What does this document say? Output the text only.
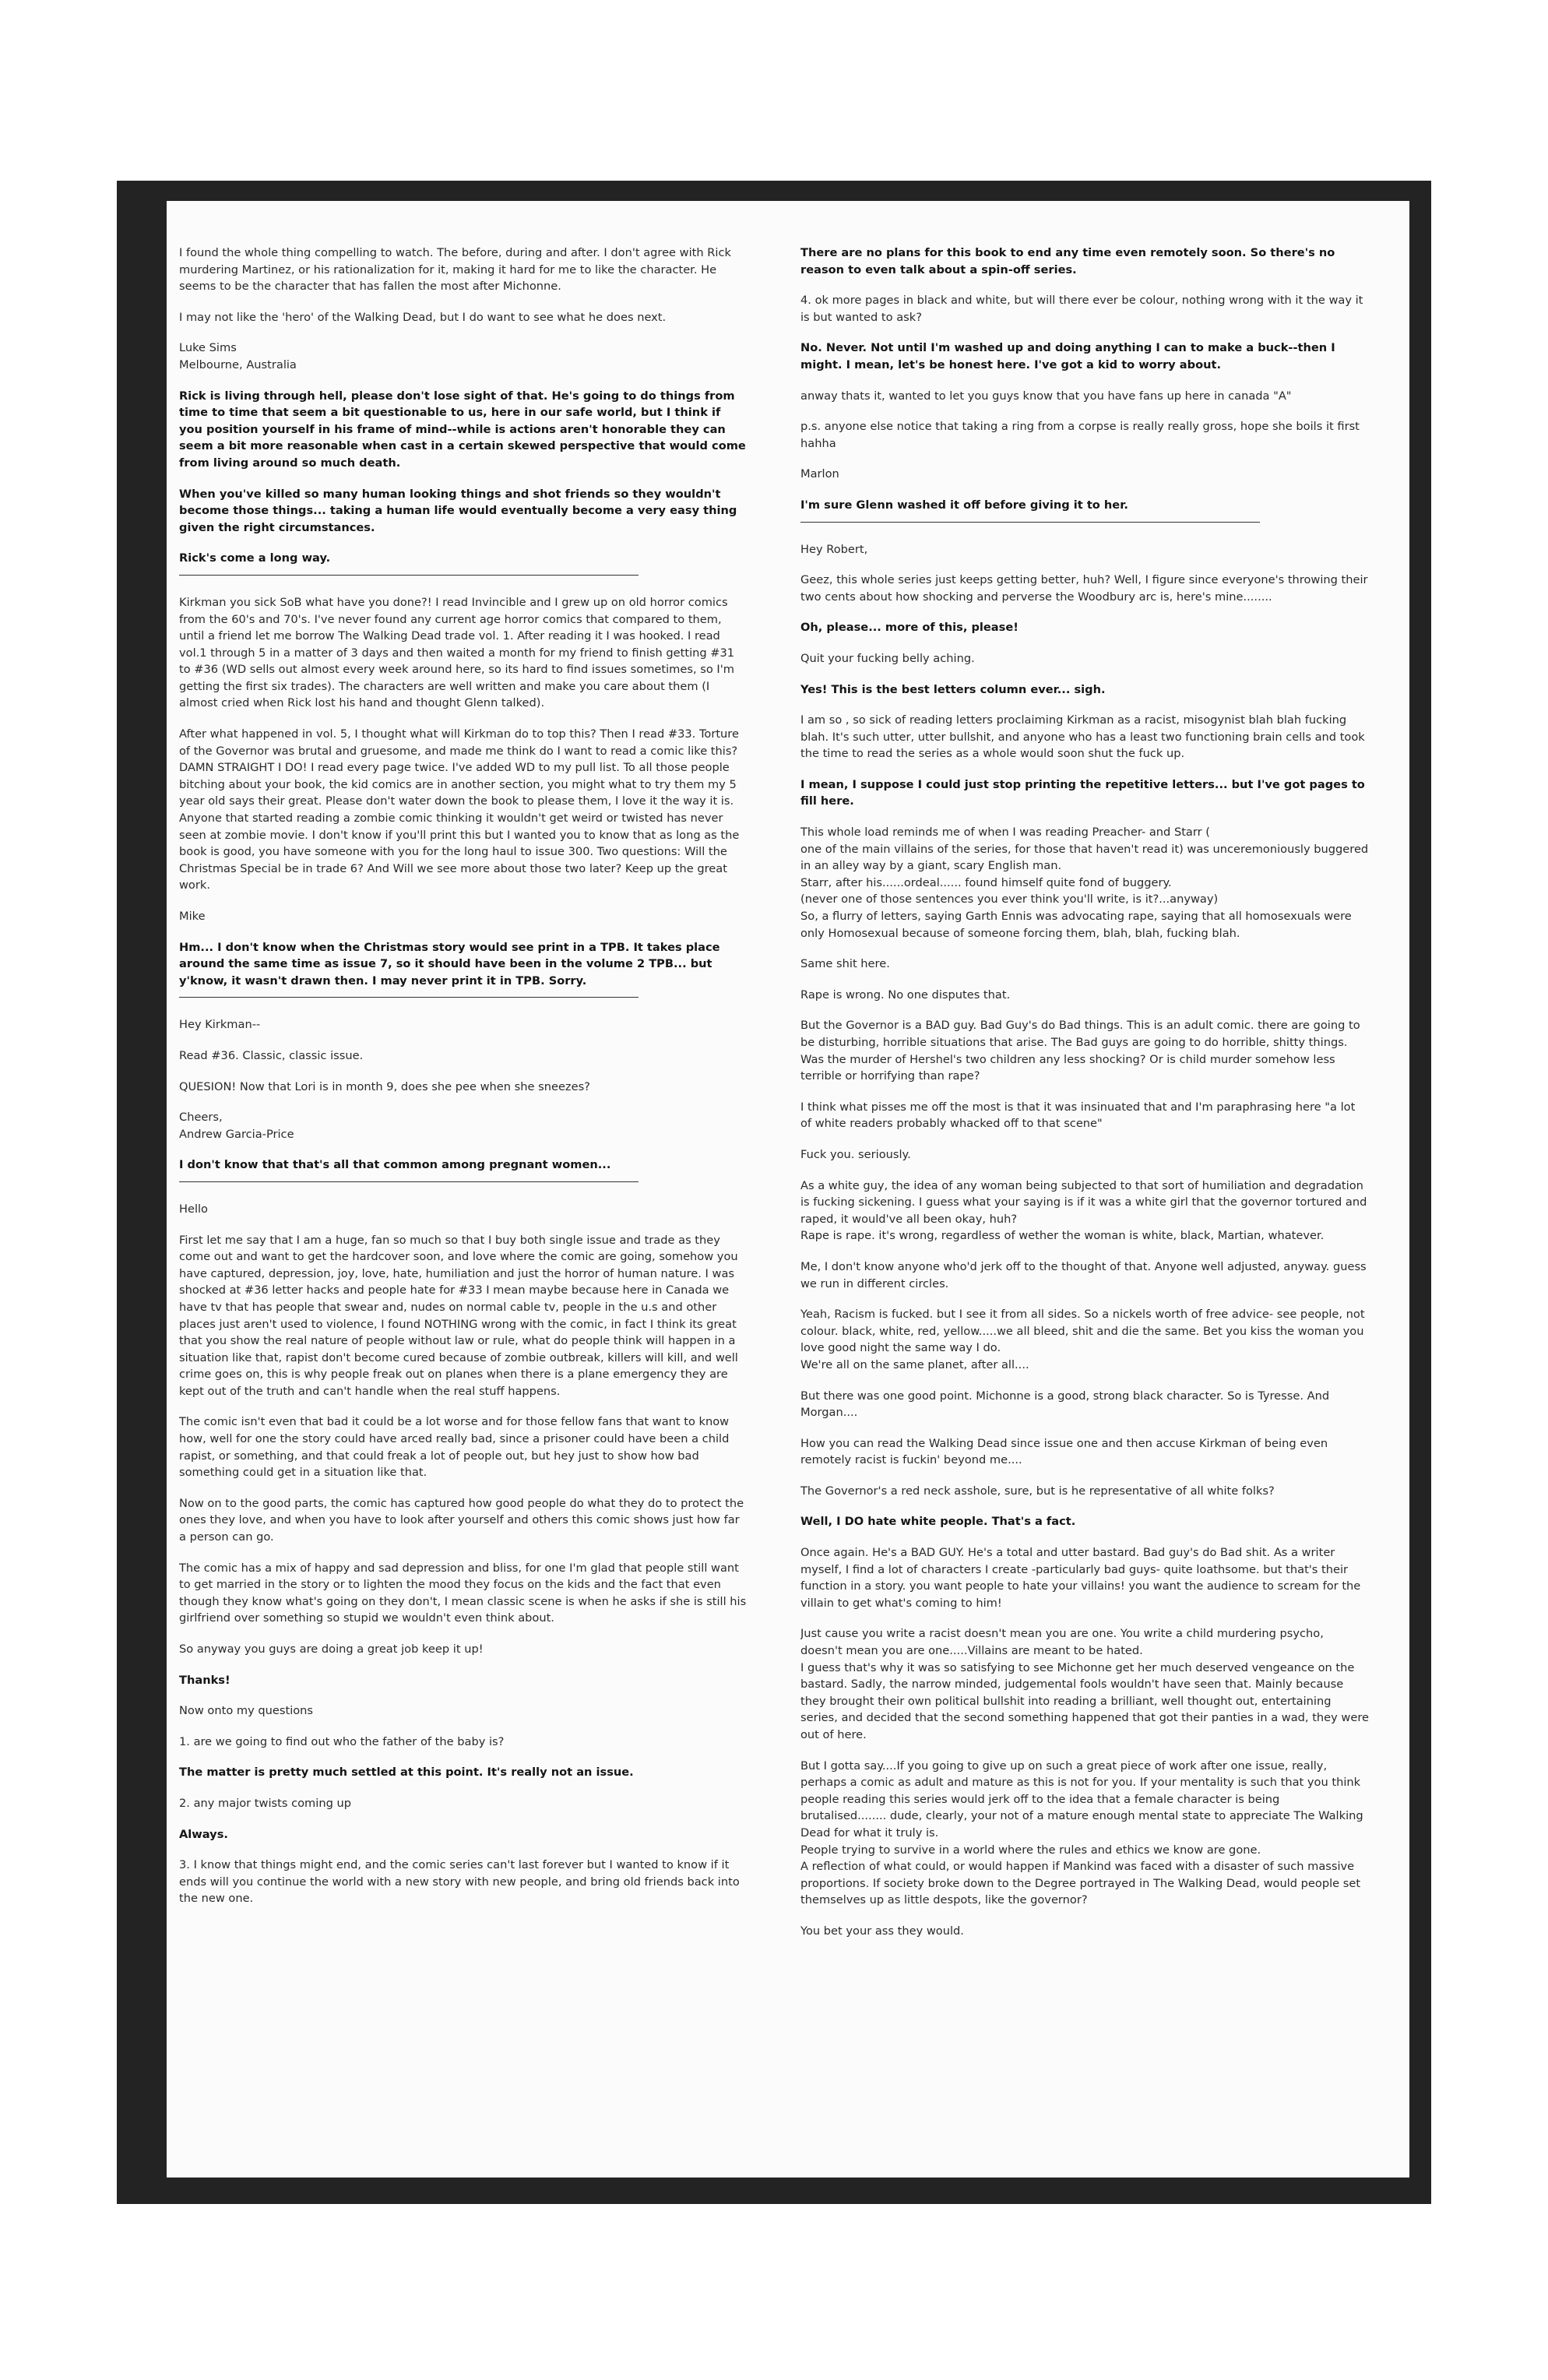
I found the whole thing compelling to watch. The before, during and after. I don't agree with Rick murdering Martinez, or his rationalization for it, making it hard for me to like the character. He seems to be the character that has fallen the most after Michonne.

I may not like the 'hero' of the Walking Dead, but I do want to see what he does next.

Luke Sims
Melbourne, Australia

Rick is living through hell, please don't lose sight of that. He's going to do things from time to time that seem a bit questionable to us, here in our safe world, but I think if you position yourself in his frame of mind--while is actions aren't honorable they can seem a bit more reasonable when cast in a certain skewed perspective that would come from living around so much death.

When you've killed so many human looking things and shot friends so they wouldn't become those things... taking a human life would eventually become a very easy thing given the right circumstances.

Rick's come a long way.

Kirkman you sick SoB what have you done?! I read Invincible and I grew up on old horror comics from the 60's and 70's. I've never found any current age horror comics that compared to them, until a friend let me borrow The Walking Dead trade vol. 1. After reading it I was hooked. I read vol.1 through 5 in a matter of 3 days and then waited a month for my friend to finish getting #31 to #36 (WD sells out almost every week around here, so its hard to find issues sometimes, so I'm getting the first six trades). The characters are well written and make you care about them (I almost cried when Rick lost his hand and thought Glenn talked).

After what happened in vol. 5, I thought what will Kirkman do to top this? Then I read #33. Torture of the Governor was brutal and gruesome, and made me think do I want to read a comic like this? DAMN STRAIGHT I DO! I read every page twice. I've added WD to my pull list. To all those people bitching about your book, the kid comics are in another section, you might what to try them my 5 year old says their great. Please don't water down the book to please them, I love it the way it is. Anyone that started reading a zombie comic thinking it wouldn't get weird or twisted has never seen at zombie movie. I don't know if you'll print this but I wanted you to know that as long as the book is good, you have someone with you for the long haul to issue 300. Two questions: Will the Christmas Special be in trade 6? And Will we see more about those two later? Keep up the great work.

Mike

Hm... I don't know when the Christmas story would see print in a TPB. It takes place around the same time as issue 7, so it should have been in the volume 2 TPB... but y'know, it wasn't drawn then. I may never print it in TPB. Sorry.

Hey Kirkman--

Read #36. Classic, classic issue.

QUESION! Now that Lori is in month 9, does she pee when she sneezes?

Cheers,
Andrew Garcia-Price

I don't know that that's all that common among pregnant women...

Hello

First let me say that I am a huge, fan so much so that I buy both single issue and trade as they come out and want to get the hardcover soon, and love where the comic are going, somehow you have captured, depression, joy, love, hate, humiliation and just the horror of human nature. I was shocked at #36 letter hacks and people hate for #33 I mean maybe because here in Canada we have tv that has people that swear and, nudes on normal cable tv, people in the u.s and other places just aren't used to violence, I found NOTHING wrong with the comic, in fact I think its great that you show the real nature of people without law or rule, what do people think will happen in a situation like that, rapist don't become cured because of zombie outbreak, killers will kill, and well crime goes on, this is why people freak out on planes when there is a plane emergency they are kept out of the truth and can't handle when the real stuff happens.

The comic isn't even that bad it could be a lot worse and for those fellow fans that want to know how, well for one the story could have arced really bad, since a prisoner could have been a child rapist, or something, and that could freak a lot of people out, but hey just to show how bad something could get in a situation like that.

Now on to the good parts, the comic has captured how good people do what they do to protect the ones they love, and when you have to look after yourself and others this comic shows just how far a person can go.

The comic has a mix of happy and sad depression and bliss, for one I'm glad that people still want to get married in the story or to lighten the mood they focus on the kids and the fact that even though they know what's going on they don't, I mean classic scene is when he asks if she is still his girlfriend over something so stupid we wouldn't even think about.

So anyway you guys are doing a great job keep it up!

Thanks!

Now onto my questions

1. are we going to find out who the father of the baby is?

The matter is pretty much settled at this point. It's really not an issue.

2. any major twists coming up

Always.

3. I know that things might end, and the comic series can't last forever but I wanted to know if it ends will you continue the world with a new story with new people, and bring old friends back into the new one.

There are no plans for this book to end any time even remotely soon. So there's no reason to even talk about a spin-off series.

4. ok more pages in black and white, but will there ever be colour, nothing wrong with it the way it is but wanted to ask?

No. Never. Not until I'm washed up and doing anything I can to make a buck--then I might. I mean, let's be honest here. I've got a kid to worry about.

anway thats it, wanted to let you guys know that you have fans up here in canada "A"

p.s. anyone else notice that taking a ring from a corpse is really really gross, hope she boils it first hahha

Marlon

I'm sure Glenn washed it off before giving it to her.

Hey Robert,

Geez, this whole series just keeps getting better, huh? Well, I figure since everyone's throwing their two cents about how shocking and perverse the Woodbury arc is, here's mine........

Oh, please... more of this, please!

Quit your fucking belly aching.

Yes! This is the best letters column ever... sigh.

I am so , so sick of reading letters proclaiming Kirkman as a racist, misogynist blah blah fucking blah. It's such utter, utter bullshit, and anyone who has a least two functioning brain cells and took the time to read the series as a whole would soon shut the fuck up.

I mean, I suppose I could just stop printing the repetitive letters... but I've got pages to fill here.

This whole load reminds me of when I was reading Preacher- and Starr (
one of the main villains of the series, for those that haven't read it) was unceremoniously buggered in an alley way by a giant, scary English man.
Starr, after his......ordeal...... found himself quite fond of buggery.
(never one of those sentences you ever think you'll write, is it?...anyway)
So, a flurry of letters, saying Garth Ennis was advocating rape, saying that all homosexuals were only Homosexual because of someone forcing them, blah, blah, fucking blah.

Same shit here.

Rape is wrong. No one disputes that.

But the Governor is a BAD guy. Bad Guy's do Bad things. This is an adult comic. there are going to be disturbing, horrible situations that arise. The Bad guys are going to do horrible, shitty things. Was the murder of Hershel's two children any less shocking? Or is child murder somehow less terrible or horrifying than rape?

I think what pisses me off the most is that it was insinuated that and I'm paraphrasing here "a lot of white readers probably whacked off to that scene"

Fuck you. seriously.

As a white guy, the idea of any woman being subjected to that sort of humiliation and degradation is fucking sickening. I guess what your saying is if it was a white girl that the governor tortured and raped, it would've all been okay, huh?
Rape is rape. it's wrong, regardless of wether the woman is white, black, Martian, whatever.

Me, I don't know anyone who'd jerk off to the thought of that. Anyone well adjusted, anyway. guess we run in different circles.

Yeah, Racism is fucked. but I see it from all sides. So a nickels worth of free advice- see people, not colour. black, white, red, yellow.....we all bleed, shit and die the same. Bet you kiss the woman you love good night the same way I do.
We're all on the same planet, after all....

But there was one good point. Michonne is a good, strong black character. So is Tyresse. And Morgan....

How you can read the Walking Dead since issue one and then accuse Kirkman of being even remotely racist is fuckin' beyond me....

The Governor's a red neck asshole, sure, but is he representative of all white folks?

Well, I DO hate white people. That's a fact.

Once again. He's a BAD GUY. He's a total and utter bastard. Bad guy's do Bad shit. As a writer myself, I find a lot of characters I create -particularly bad guys- quite loathsome. but that's their function in a story. you want people to hate your villains! you want the audience to scream for the villain to get what's coming to him!

Just cause you write a racist doesn't mean you are one. You write a child murdering psycho, doesn't mean you are one.....Villains are meant to be hated.
I guess that's why it was so satisfying to see Michonne get her much deserved vengeance on the bastard. Sadly, the narrow minded, judgemental fools wouldn't have seen that. Mainly because they brought their own political bullshit into reading a brilliant, well thought out, entertaining series, and decided that the second something happened that got their panties in a wad, they were out of here.

But I gotta say....If you going to give up on such a great piece of work after one issue, really, perhaps a comic as adult and mature as this is not for you. If your mentality is such that you think people reading this series would jerk off to the idea that a female character is being brutalised........ dude, clearly, your not of a mature enough mental state to appreciate The Walking Dead for what it truly is.
People trying to survive in a world where the rules and ethics we know are gone.
A reflection of what could, or would happen if Mankind was faced with a disaster of such massive proportions. If society broke down to the Degree portrayed in The Walking Dead, would people set themselves up as little despots, like the governor?

You bet your ass they would.
